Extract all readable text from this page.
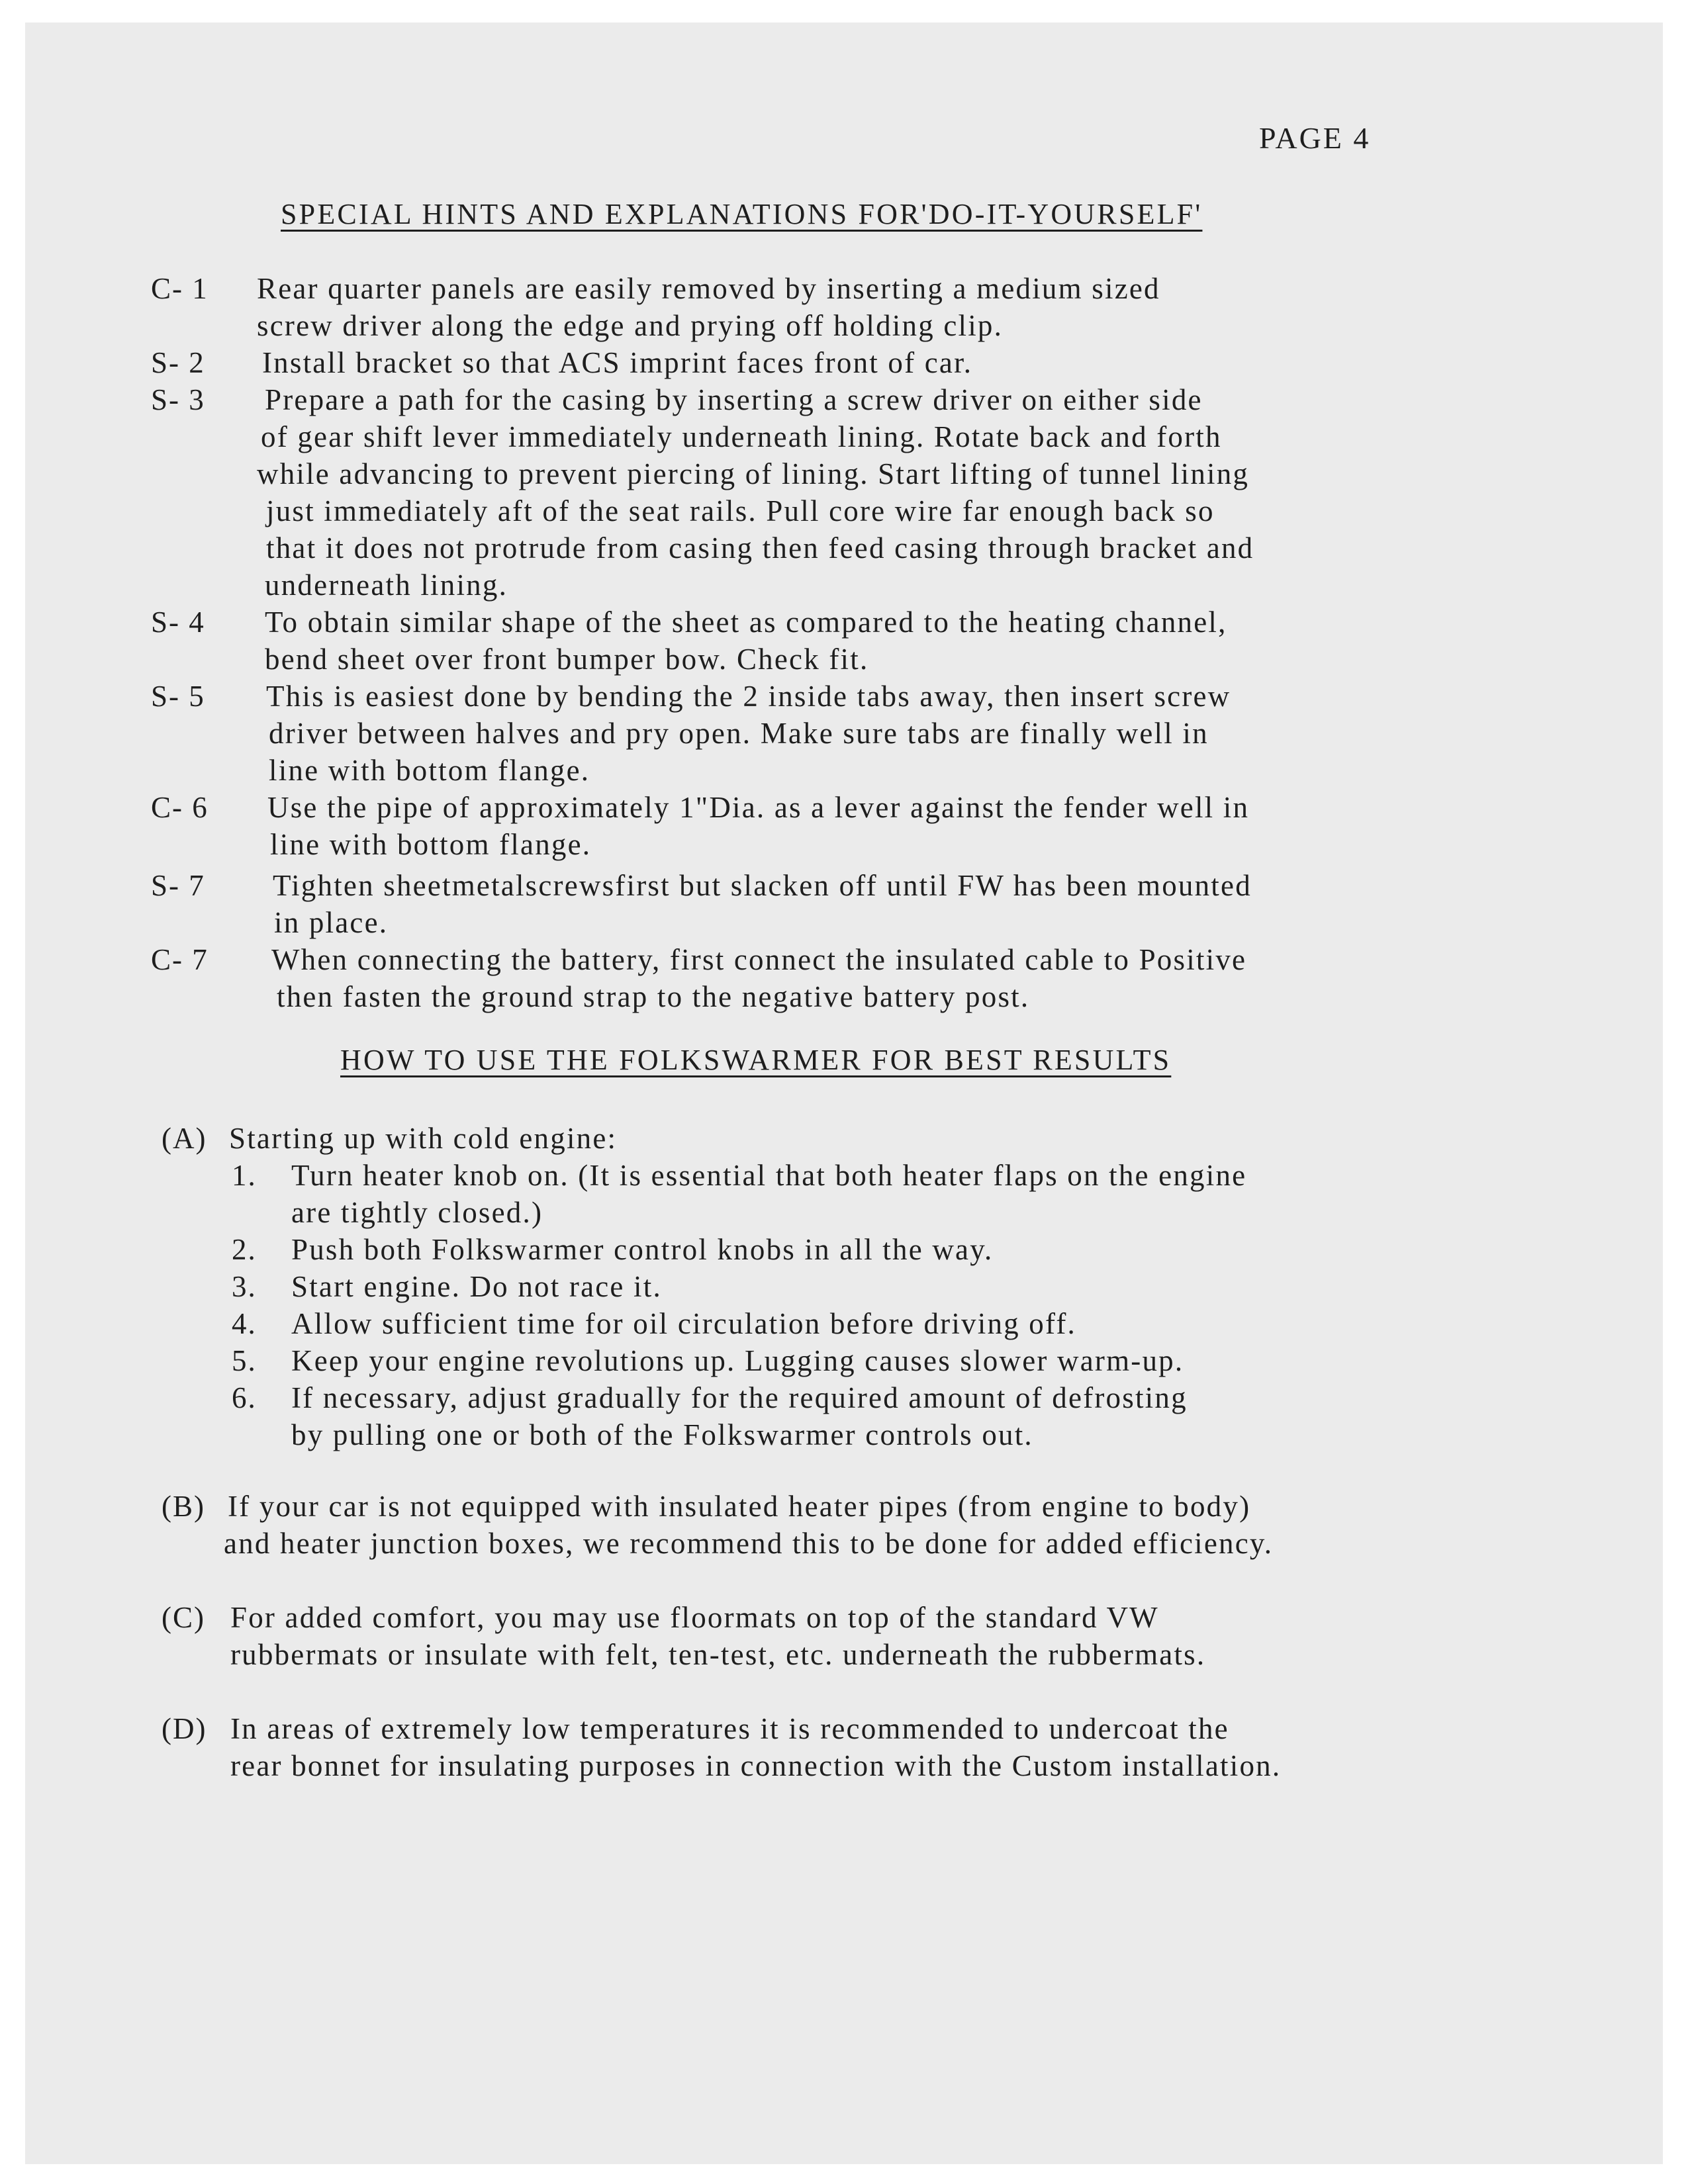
PAGE 4
SPECIAL HINTS AND EXPLANATIONS FOR'DO-IT-YOURSELF'
C- 1 Rear quarter panels are easily removed by inserting a medium sized
screw driver along the edge and prying off holding clip.
S- 2 Install bracket so that ACS imprint faces front of car.
S- 3 Prepare a path for the casing by inserting a screw driver on either side
of gear shift lever immediately underneath lining. Rotate back and forth
while advancing to prevent piercing of lining. Start lifting of tunnel lining
just immediately aft of the seat rails. Pull core wire far enough back so
that it does not protrude from casing then feed casing through bracket and
underneath lining.
S- 4 To obtain similar shape of the sheet as compared to the heating channel,
bend sheet over front bumper bow. Check fit.
S- 5 This is easiest done by bending the 2 inside tabs away, then insert screw
driver between halves and pry open. Make sure tabs are finally well in
line with bottom flange.
C- 6 Use the pipe of approximately 1"Dia. as a lever against the fender well in
line with bottom flange.
S- 7 Tighten sheetmetalscrewsfirst but slacken off until FW has been mounted
in place.
C- 7 When connecting the battery, first connect the insulated cable to Positive
then fasten the ground strap to the negative battery post.
HOW TO USE THE FOLKSWARMER FOR BEST RESULTS
(A) Starting up with cold engine:
1. Turn heater knob on. (It is essential that both heater flaps on the engine
are tightly closed.)
2. Push both Folkswarmer control knobs in all the way.
3. Start engine. Do not race it.
4. Allow sufficient time for oil circulation before driving off.
5. Keep your engine revolutions up. Lugging causes slower warm-up.
6. If necessary, adjust gradually for the required amount of defrosting
by pulling one or both of the Folkswarmer controls out.
(B) If your car is not equipped with insulated heater pipes (from engine to body)
and heater junction boxes, we recommend this to be done for added efficiency.
(C) For added comfort, you may use floormats on top of the standard VW
rubbermats or insulate with felt, ten-test, etc. underneath the rubbermats.
(D) In areas of extremely low temperatures it is recommended to undercoat the
rear bonnet for insulating purposes in connection with the Custom installation.
